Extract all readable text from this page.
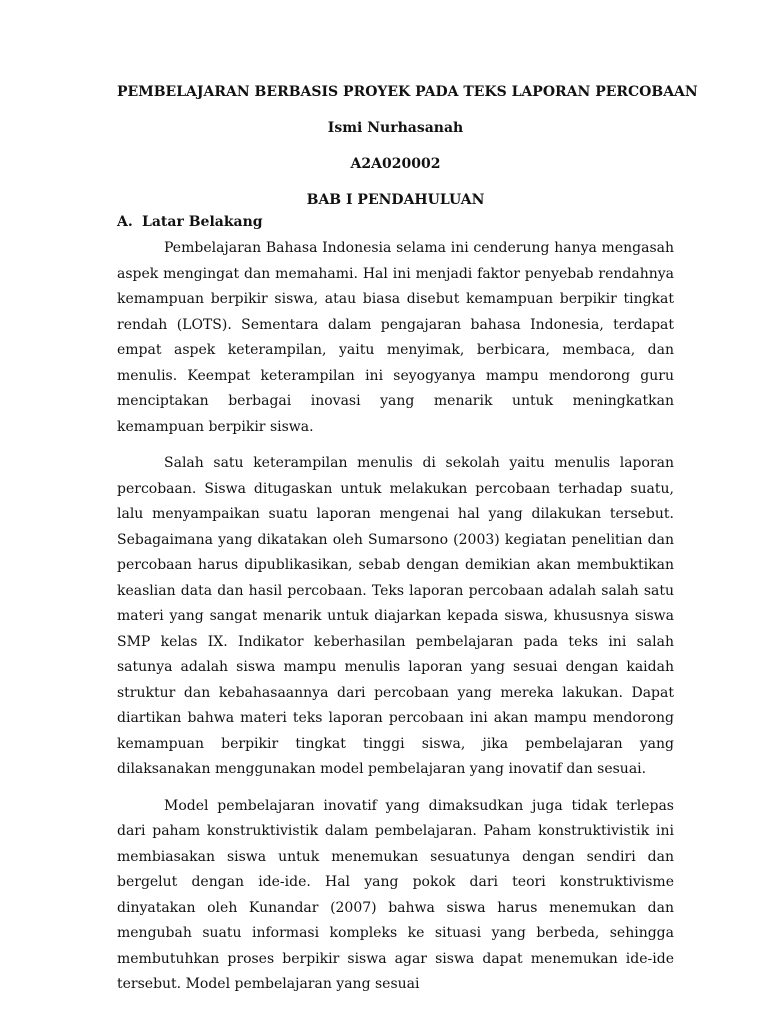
PEMBELAJARAN BERBASIS PROYEK PADA TEKS LAPORAN PERCOBAAN

Ismi Nurhasanah

A2A020002

BAB I PENDAHULUAN

A. Latar Belakang

Pembelajaran Bahasa Indonesia selama ini cenderung hanya mengasah aspek mengingat dan memahami. Hal ini menjadi faktor penyebab rendahnya kemampuan berpikir siswa, atau biasa disebut kemampuan berpikir tingkat rendah (LOTS). Sementara dalam pengajaran bahasa Indonesia, terdapat empat aspek keterampilan, yaitu menyimak, berbicara, membaca, dan menulis. Keempat keterampilan ini seyogyanya mampu mendorong guru menciptakan berbagai inovasi yang menarik untuk meningkatkan kemampuan berpikir siswa.

Salah satu keterampilan menulis di sekolah yaitu menulis laporan percobaan. Siswa ditugaskan untuk melakukan percobaan terhadap suatu, lalu menyampaikan suatu laporan mengenai hal yang dilakukan tersebut. Sebagaimana yang dikatakan oleh Sumarsono (2003) kegiatan penelitian dan percobaan harus dipublikasikan, sebab dengan demikian akan membuktikan keaslian data dan hasil percobaan. Teks laporan percobaan adalah salah satu materi yang sangat menarik untuk diajarkan kepada siswa, khususnya siswa SMP kelas IX. Indikator keberhasilan pembelajaran pada teks ini salah satunya adalah siswa mampu menulis laporan yang sesuai dengan kaidah struktur dan kebahasaannya dari percobaan yang mereka lakukan. Dapat diartikan bahwa materi teks laporan percobaan ini akan mampu mendorong kemampuan berpikir tingkat tinggi siswa, jika pembelajaran yang dilaksanakan menggunakan model pembelajaran yang inovatif dan sesuai.

Model pembelajaran inovatif yang dimaksudkan juga tidak terlepas dari paham konstruktivistik dalam pembelajaran. Paham konstruktivistik ini membiasakan siswa untuk menemukan sesuatunya dengan sendiri dan bergelut dengan ide-ide. Hal yang pokok dari teori konstruktivisme dinyatakan oleh Kunandar (2007) bahwa siswa harus menemukan dan mengubah suatu informasi kompleks ke situasi yang berbeda, sehingga membutuhkan proses berpikir siswa agar siswa dapat menemukan ide-ide tersebut. Model pembelajaran yang sesuai
